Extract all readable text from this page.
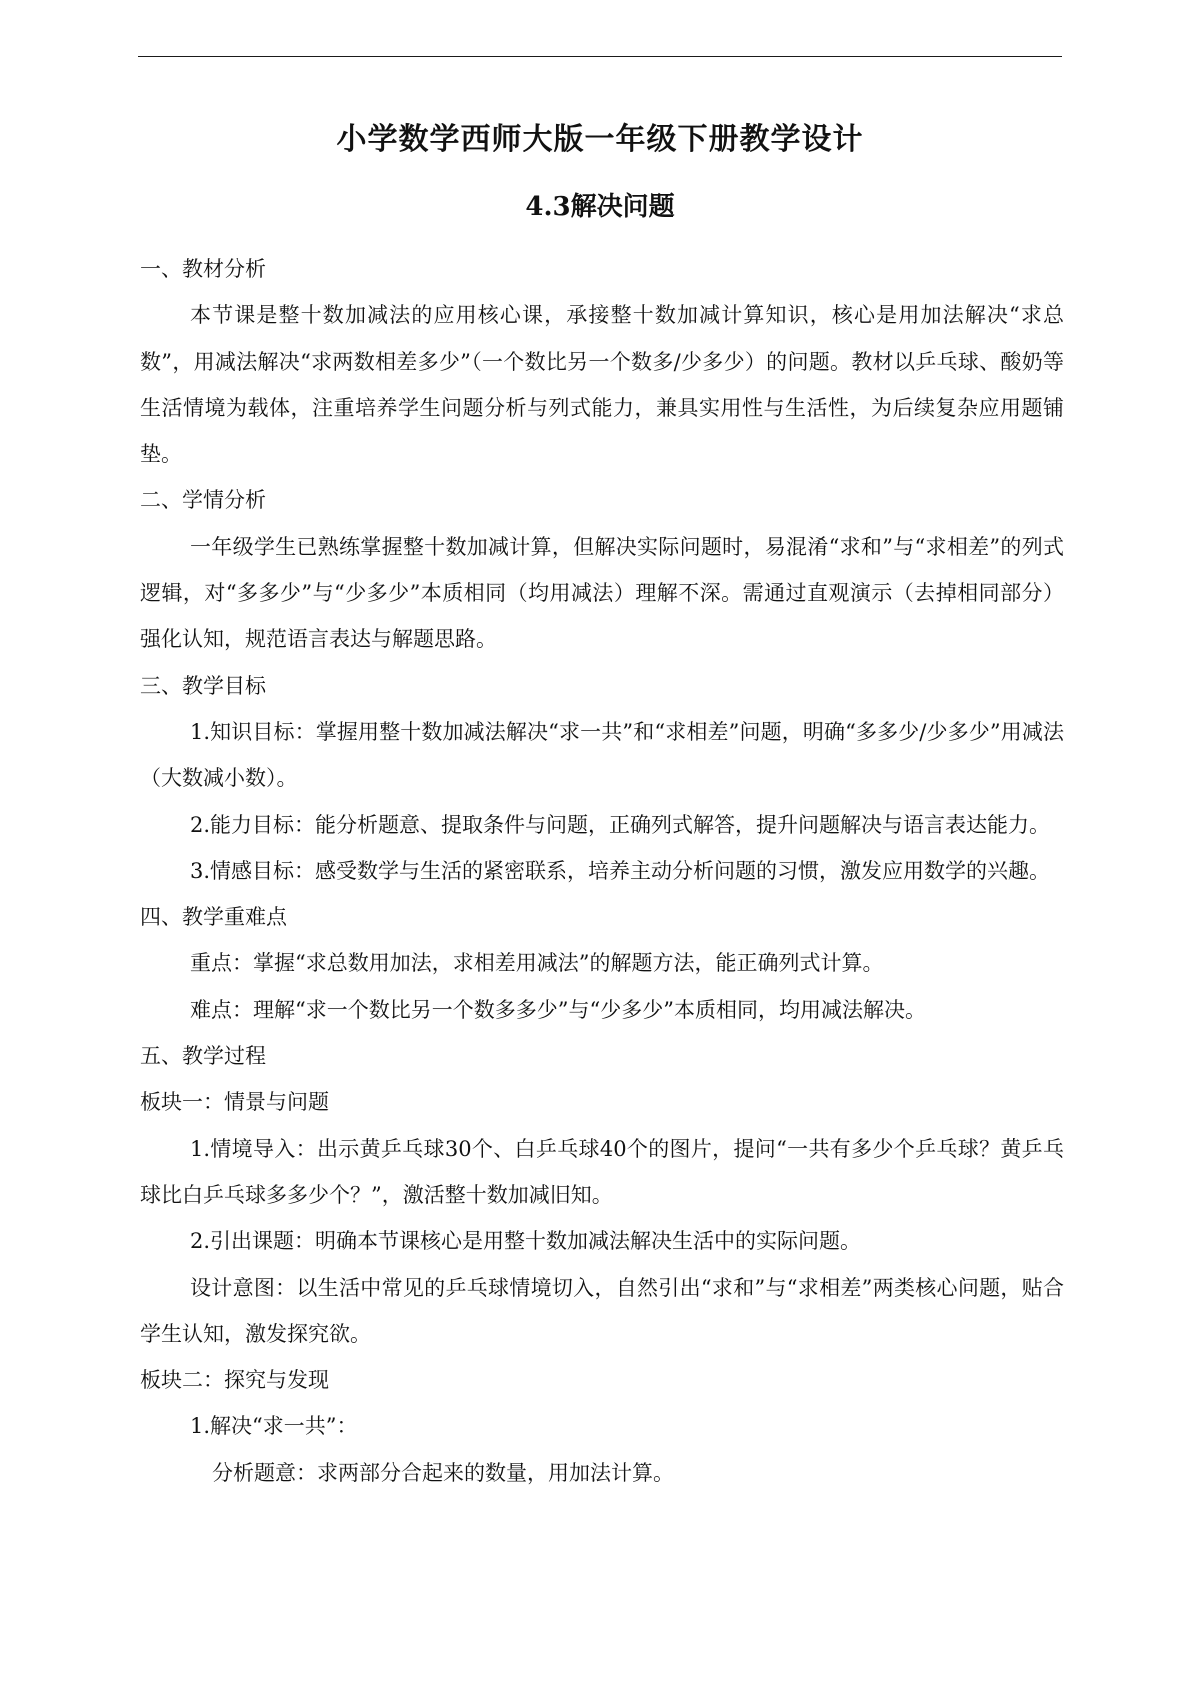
小学数学西师大版一年级下册教学设计
4.3解决问题

一、教材分析

本节课是整十数加减法的应用核心课，承接整十数加减计算知识，核心是用加法解决“求总数”，用减法解决“求两数相差多少”（一个数比另一个数多/少多少）的问题。教材以乒乓球、酸奶等生活情境为载体，注重培养学生问题分析与列式能力，兼具实用性与生活性，为后续复杂应用题铺垫。

二、学情分析

一年级学生已熟练掌握整十数加减计算，但解决实际问题时，易混淆“求和”与“求相差”的列式逻辑，对“多多少”与“少多少”本质相同（均用减法）理解不深。需通过直观演示（去掉相同部分）强化认知，规范语言表达与解题思路。

三、教学目标

1.知识目标：掌握用整十数加减法解决“求一共”和“求相差”问题，明确“多多少/少多少”用减法（大数减小数）。

2.能力目标：能分析题意、提取条件与问题，正确列式解答，提升问题解决与语言表达能力。

3.情感目标：感受数学与生活的紧密联系，培养主动分析问题的习惯，激发应用数学的兴趣。

四、教学重难点

重点：掌握“求总数用加法，求相差用减法”的解题方法，能正确列式计算。

难点：理解“求一个数比另一个数多多少”与“少多少”本质相同，均用减法解决。

五、教学过程

板块一：情景与问题

1.情境导入：出示黄乒乓球30个、白乒乓球40个的图片，提问“一共有多少个乒乓球？黄乒乓球比白乒乓球多多少个？”，激活整十数加减旧知。

2.引出课题：明确本节课核心是用整十数加减法解决生活中的实际问题。

设计意图：以生活中常见的乒乓球情境切入，自然引出“求和”与“求相差”两类核心问题，贴合学生认知，激发探究欲。

板块二：探究与发现

1.解决“求一共”：

分析题意：求两部分合起来的数量，用加法计算。
